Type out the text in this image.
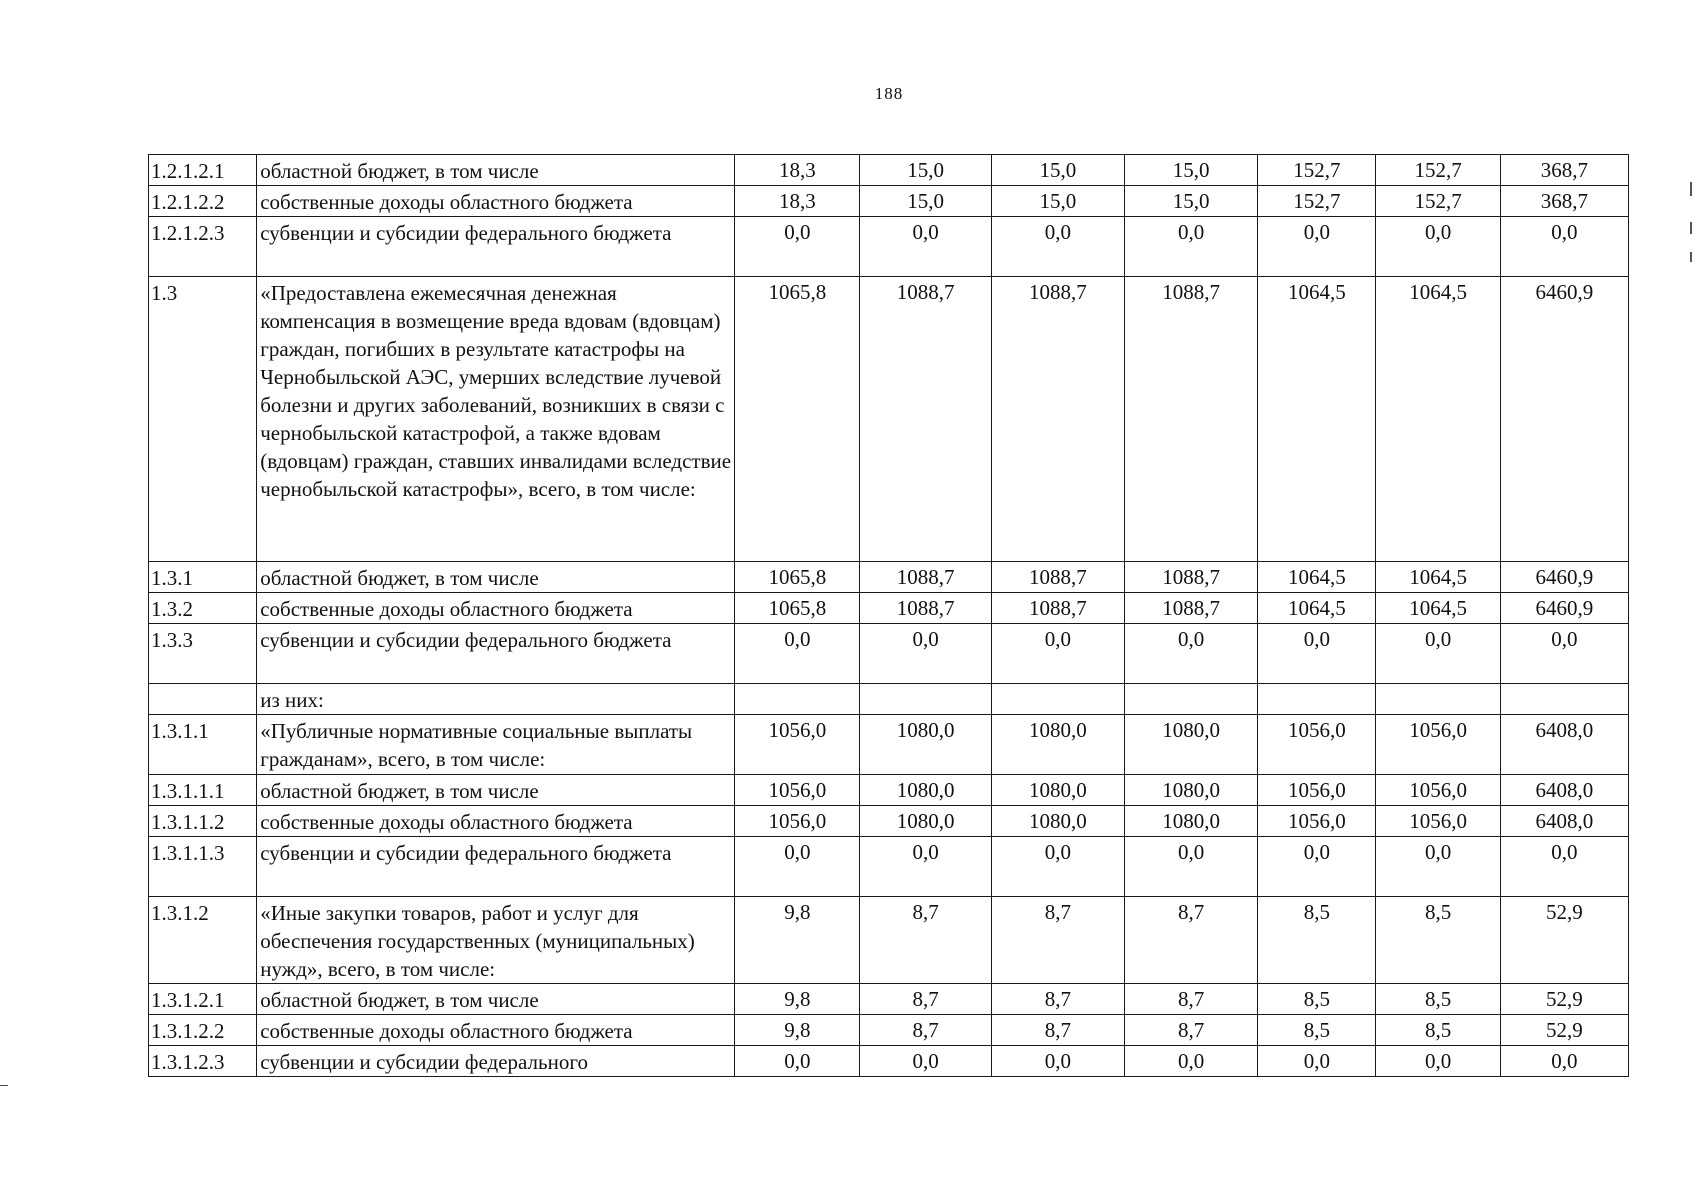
188
1.2.1.2.1	областной бюджет, в том числе	18,3	15,0	15,0	15,0	152,7	152,7	368,7
1.2.1.2.2	собственные доходы областного бюджета	18,3	15,0	15,0	15,0	152,7	152,7	368,7
1.2.1.2.3	субвенции и субсидии федерального бюджета	0,0	0,0	0,0	0,0	0,0	0,0	0,0
1.3	«Предоставлена ежемесячная денежная компенсация в возмещение вреда вдовам (вдовцам) граждан, погибших в результате катастрофы на Чернобыльской АЭС, умерших вследствие лучевой болезни и других заболеваний, возникших в связи с чернобыльской катастрофой, а также вдовам (вдовцам) граждан, ставших инвалидами вследствие чернобыльской катастрофы», всего, в том числе:	1065,8	1088,7	1088,7	1088,7	1064,5	1064,5	6460,9
1.3.1	областной бюджет, в том числе	1065,8	1088,7	1088,7	1088,7	1064,5	1064,5	6460,9
1.3.2	собственные доходы областного бюджета	1065,8	1088,7	1088,7	1088,7	1064,5	1064,5	6460,9
1.3.3	субвенции и субсидии федерального бюджета	0,0	0,0	0,0	0,0	0,0	0,0	0,0
	из них:							
1.3.1.1	«Публичные нормативные социальные выплаты гражданам», всего, в том числе:	1056,0	1080,0	1080,0	1080,0	1056,0	1056,0	6408,0
1.3.1.1.1	областной бюджет, в том числе	1056,0	1080,0	1080,0	1080,0	1056,0	1056,0	6408,0
1.3.1.1.2	собственные доходы областного бюджета	1056,0	1080,0	1080,0	1080,0	1056,0	1056,0	6408,0
1.3.1.1.3	субвенции и субсидии федерального бюджета	0,0	0,0	0,0	0,0	0,0	0,0	0,0
1.3.1.2	«Иные закупки товаров, работ и услуг для обеспечения государственных (муниципальных) нужд», всего, в том числе:	9,8	8,7	8,7	8,7	8,5	8,5	52,9
1.3.1.2.1	областной бюджет, в том числе	9,8	8,7	8,7	8,7	8,5	8,5	52,9
1.3.1.2.2	собственные доходы областного бюджета	9,8	8,7	8,7	8,7	8,5	8,5	52,9
1.3.1.2.3	субвенции и субсидии федерального	0,0	0,0	0,0	0,0	0,0	0,0	0,0
